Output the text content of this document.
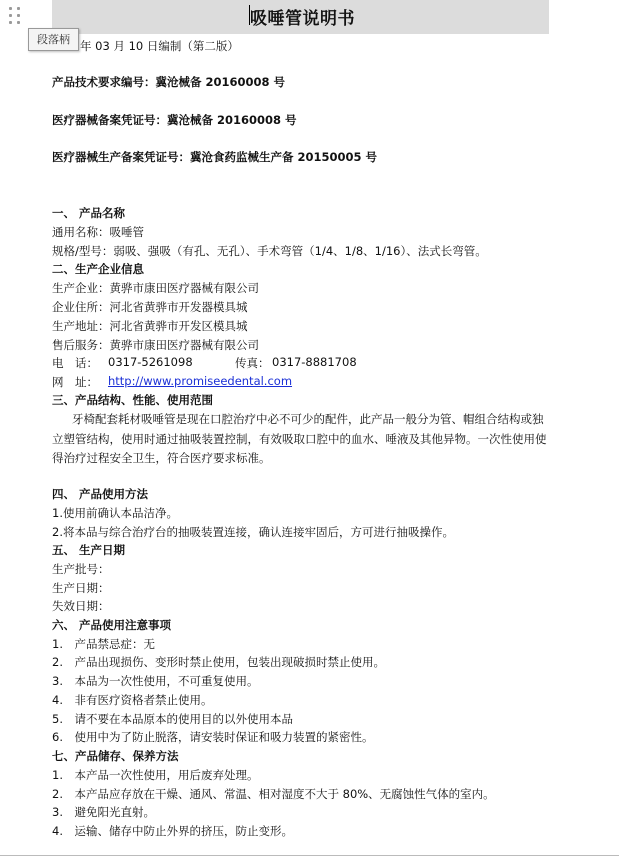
吸唾管说明书
段落柄 年 03 月 10 日编制（第二版）
产品技术要求编号：冀沧械备 20160008 号
医疗器械备案凭证号：冀沧械备 20160008 号
医疗器械生产备案凭证号：冀沧食药监械生产备 20150005 号
一、 产品名称
通用名称：吸唾管
规格/型号：弱吸、强吸（有孔、无孔）、手术弯管（1/4、1/8、1/16）、法式长弯管。
二、生产企业信息
生产企业：黄骅市康田医疗器械有限公司
企业住所：河北省黄骅市开发器模具城
生产地址：河北省黄骅市开发区模具城
售后服务：黄骅市康田医疗器械有限公司
电　话： 0317-5261098	传真： 0317-8881708
网　址： http://www.promiseedental.com
三、产品结构、性能、使用范围
牙椅配套耗材吸唾管是现在口腔治疗中必不可少的配件，此产品一般分为管、帽组合结构或独立塑管结构，使用时通过抽吸装置控制，有效吸取口腔中的血水、唾液及其他异物。一次性使用使得治疗过程安全卫生，符合医疗要求标准。
四、 产品使用方法
1.使用前确认本品洁净。
2.将本品与综合治疗台的抽吸装置连接，确认连接牢固后，方可进行抽吸操作。
五、 生产日期
生产批号：
生产日期：
失效日期：
六、 产品使用注意事项
1.　产品禁忌症：无
2.　产品出现损伤、变形时禁止使用，包装出现破损时禁止使用。
3.　本品为一次性使用，不可重复使用。
4.　非有医疗资格者禁止使用。
5.　请不要在本品原本的使用目的以外使用本品
6.　使用中为了防止脱落，请安装时保证和吸力装置的紧密性。
七、产品储存、保养方法
1.　本产品一次性使用，用后废弃处理。
2.　本产品应存放在干燥、通风、常温、相对湿度不大于 80%、无腐蚀性气体的室内。
3.　避免阳光直射。
4.　运输、储存中防止外界的挤压，防止变形。
